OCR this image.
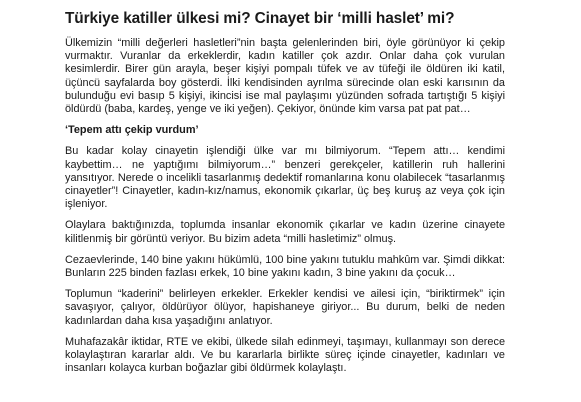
Türkiye katiller ülkesi mi? Cinayet bir ‘milli haslet’ mi?

Ülkemizin “milli değerleri hasletleri”nin başta gelenlerinden biri, öyle görünüyor ki çekip vurmaktır. Vuranlar da erkeklerdir, kadın katiller çok azdır. Onlar daha çok vurulan kesimlerdir. Birer gün arayla, beşer kişiyi pompalı tüfek ve av tüfeği ile öldüren iki katil, üçüncü sayfalarda boy gösterdi. İlki kendisinden ayrılma sürecinde olan eski karısının da bulunduğu evi basıp 5 kişiyi, ikincisi ise mal paylaşımı yüzünden sofrada tartıştığı 5 kişiyi öldürdü (baba, kardeş, yenge ve iki yeğen). Çekiyor, önünde kim varsa pat pat pat…

‘Tepem attı çekip vurdum’

Bu kadar kolay cinayetin işlendiği ülke var mı bilmiyorum. “Tepem attı… kendimi kaybettim… ne yaptığımı bilmiyorum…” benzeri gerekçeler, katillerin ruh hallerini yansıtıyor. Nerede o incelikli tasarlanmış dedektif romanlarına konu olabilecek “tasarlanmış cinayetler”! Cinayetler, kadın-kız/namus, ekonomik çıkarlar, üç beş kuruş az veya çok için işleniyor.

Olaylara baktığınızda, toplumda insanlar ekonomik çıkarlar ve kadın üzerine cinayete kilitlenmiş bir görüntü veriyor. Bu bizim adeta “milli hasletimiz” olmuş.

Cezaevlerinde, 140 bine yakını hükümlü, 100 bine yakını tutuklu mahkûm var. Şimdi dikkat: Bunların 225 binden fazlası erkek, 10 bine yakını kadın, 3 bine yakını da çocuk…

Toplumun “kaderini” belirleyen erkekler. Erkekler kendisi ve ailesi için, “biriktirmek” için savaşıyor, çalıyor, öldürüyor ölüyor, hapishaneye giriyor... Bu durum, belki de neden kadınlardan daha kısa yaşadığını anlatıyor.

Muhafazakâr iktidar, RTE ve ekibi, ülkede silah edinmeyi, taşımayı, kullanmayı son derece kolaylaştıran kararlar aldı. Ve bu kararlarla birlikte süreç içinde cinayetler, kadınları ve insanları kolayca kurban boğazlar gibi öldürmek kolaylaştı.
